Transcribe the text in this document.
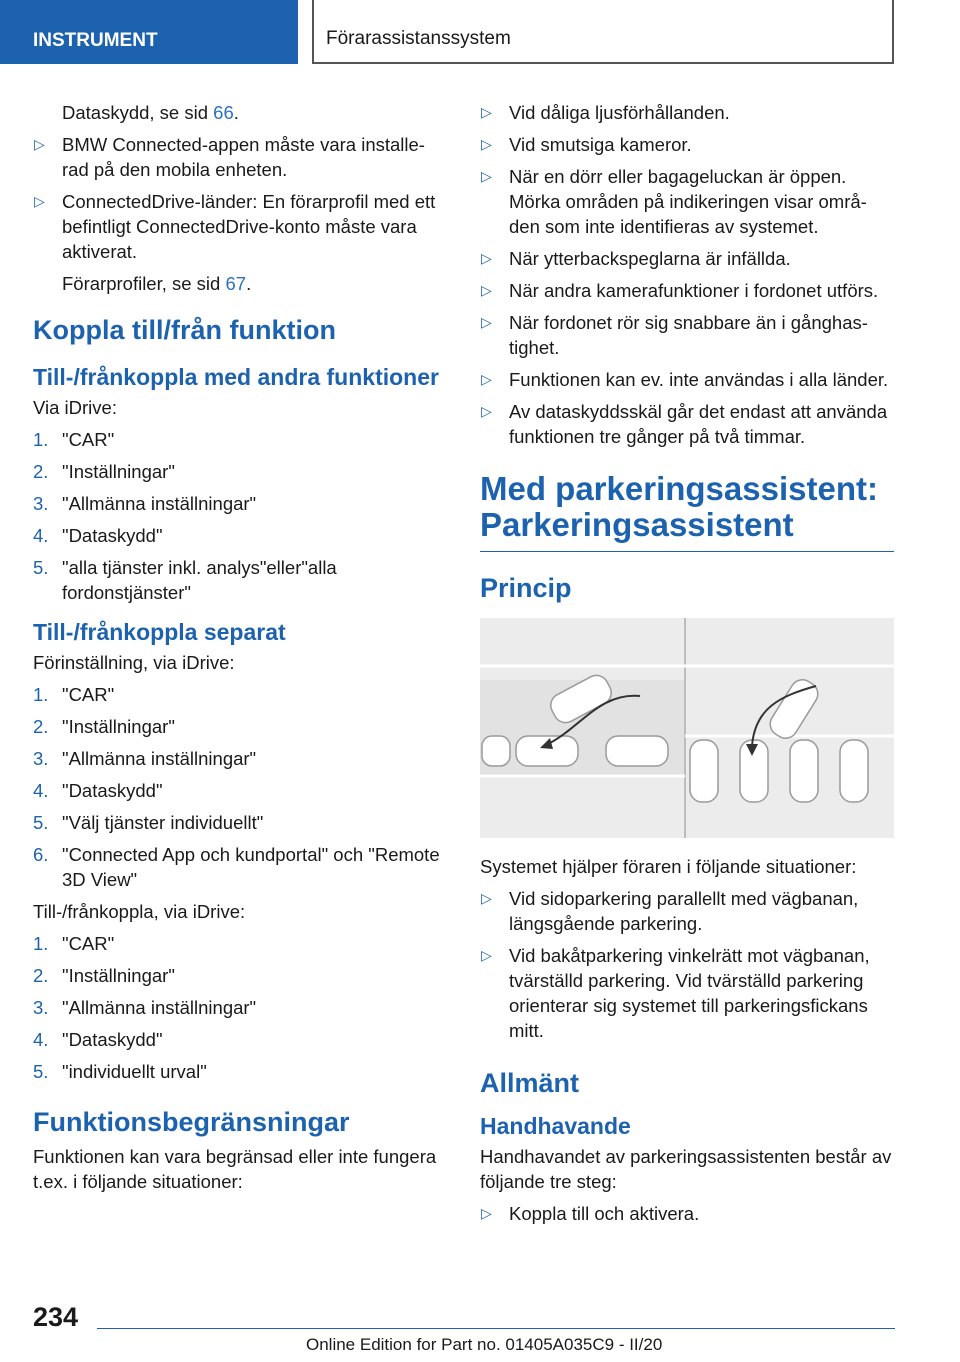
INSTRUMENT	Förarassistanssystem

Dataskydd, se sid 66.

▷ BMW Connected-appen måste vara installe-rad på den mobila enheten.
▷ ConnectedDrive-länder: En förarprofil med ett befintligt ConnectedDrive-konto måste vara aktiverat.

Förarprofiler, se sid 67.

Koppla till/från funktion
Till-/frånkoppla med andra funktioner

Via iDrive:

1. "CAR"
2. "Inställningar"
3. "Allmänna inställningar"
4. "Dataskydd"
5. "alla tjänster inkl. analys"eller"alla fordonstjänster"
Till-/frånkoppla separat

Förinställning, via iDrive:

1. "CAR"
2. "Inställningar"
3. "Allmänna inställningar"
4. "Dataskydd"
5. "Välj tjänster individuellt"
6. "Connected App och kundportal" och "Remote 3D View"

Till-/frånkoppla, via iDrive:

1. "CAR"
2. "Inställningar"
3. "Allmänna inställningar"
4. "Dataskydd"
5. "individuellt urval"
Funktionsbegränsningar

Funktionen kan vara begränsad eller inte fungera t.ex. i följande situationer:

▷ Vid dåliga ljusförhållanden.
▷ Vid smutsiga kameror.
▷ När en dörr eller bagageluckan är öppen. Mörka områden på indikeringen visar områ-den som inte identifieras av systemet.
▷ När ytterbackspeglarna är infällda.
▷ När andra kamerafunktioner i fordonet utförs.
▷ När fordonet rör sig snabbare än i gånghas-tighet.
▷ Funktionen kan ev. inte användas i alla länder.
▷ Av dataskyddsskäl går det endast att använda funktionen tre gånger på två timmar.
Med parkeringsassistent: Parkeringsassistent
Princip

Systemet hjälper föraren i följande situationer:

▷ Vid sidoparkering parallellt med vägbanan, längsgående parkering.
▷ Vid bakåtparkering vinkelrätt mot vägbanan, tvärställd parkering. Vid tvärställd parkering orienterar sig systemet till parkeringsfickans mitt.
Allmänt
Handhavande

Handhavandet av parkeringsassistenten består av följande tre steg:

▷ Koppla till och aktivera.
234
Online Edition for Part no. 01405A035C9 - II/20
